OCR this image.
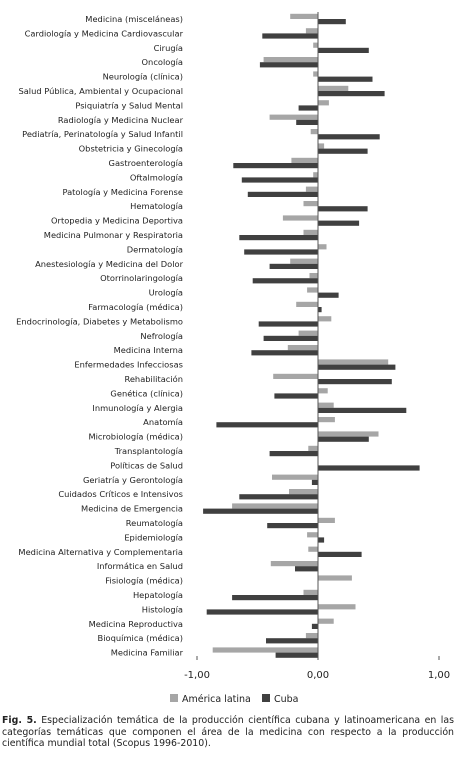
Medicina (misceláneas)
Cardiología y Medicina Cardiovascular
Cirugía
Oncología
Neurología (clínica)
Salud Pública, Ambiental y Ocupacional
Psiquiatría y Salud Mental
Radiología y Medicina Nuclear
Pediatría, Perinatología y Salud Infantil
Obstetricia y Ginecología
Gastroenterología
Oftalmología
Patología y Medicina Forense
Hematología
Ortopedia y Medicina Deportiva
Medicina Pulmonar y Respiratoria
Dermatología
Anestesiología y Medicina del Dolor
Otorrinolaringología
Urología
Farmacología (médica)
Endocrinología, Diabetes y Metabolismo
Nefrología
Medicina Interna
Enfermedades Infecciosas
Rehabilitación
Genética (clínica)
Inmunología y Alergia
Anatomía
Microbiología (médica)
Transplantología
Políticas de Salud
Geriatría y Gerontología
Cuidados Críticos e Intensivos
Medicina de Emergencia
Reumatología
Epidemiología
Medicina Alternativa y Complementaria
Informática en Salud
Fisiología (médica)
Hepatología
Histología
Medicina Reproductiva
Bioquímica (médica)
Medicina Familiar
-1,00	0,00	1,00
América latina Cuba
Fig. 5. Especialización temática de la producción científica cubana y latinoamericana en las categorías temáticas que componen el área de la medicina con respecto a la producción científica mundial total (Scopus 1996-2010).
